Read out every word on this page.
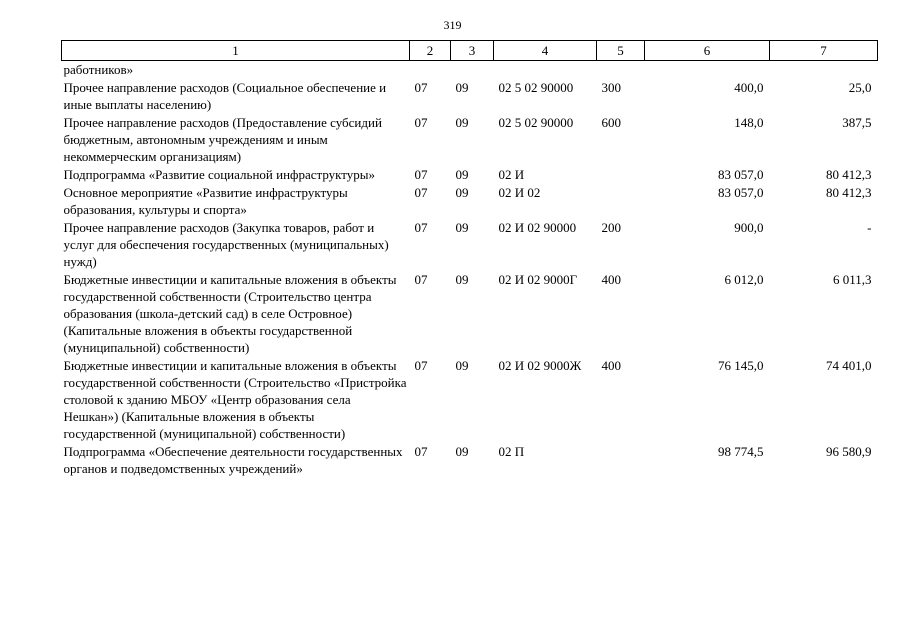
319
1	2	3	4	5	6	7
работников»						
Прочее направление расходов (Социальное обеспечение и иные выплаты населению)	07	09	02 5 02 90000	300	400,0	25,0
Прочее направление расходов (Предоставление субсидий бюджетным, автономным учреждениям и иным некоммерческим организациям)	07	09	02 5 02 90000	600	148,0	387,5
Подпрограмма «Развитие социальной инфраструктуры»	07	09	02 И		83 057,0	80 412,3
Основное мероприятие «Развитие инфраструктуры образования, культуры и спорта»	07	09	02 И 02		83 057,0	80 412,3
Прочее направление расходов (Закупка товаров, работ и услуг для обеспечения государственных (муниципальных) нужд)	07	09	02 И 02 90000	200	900,0	-
Бюджетные инвестиции и капитальные вложения в объекты государственной собственности (Строительство центра образования (школа-детский сад) в селе Островное) (Капитальные вложения в объекты государственной (муниципальной) собственности)	07	09	02 И 02 9000Г	400	6 012,0	6 011,3
Бюджетные инвестиции и капитальные вложения в объекты государственной собственности (Строительство «Пристройка столовой к зданию МБОУ «Центр образования села Нешкан») (Капитальные вложения в объекты государственной (муниципальной) собственности)	07	09	02 И 02 9000Ж	400	76 145,0	74 401,0
Подпрограмма «Обеспечение деятельности государственных органов и подведомственных учреждений»	07	09	02 П		98 774,5	96 580,9
